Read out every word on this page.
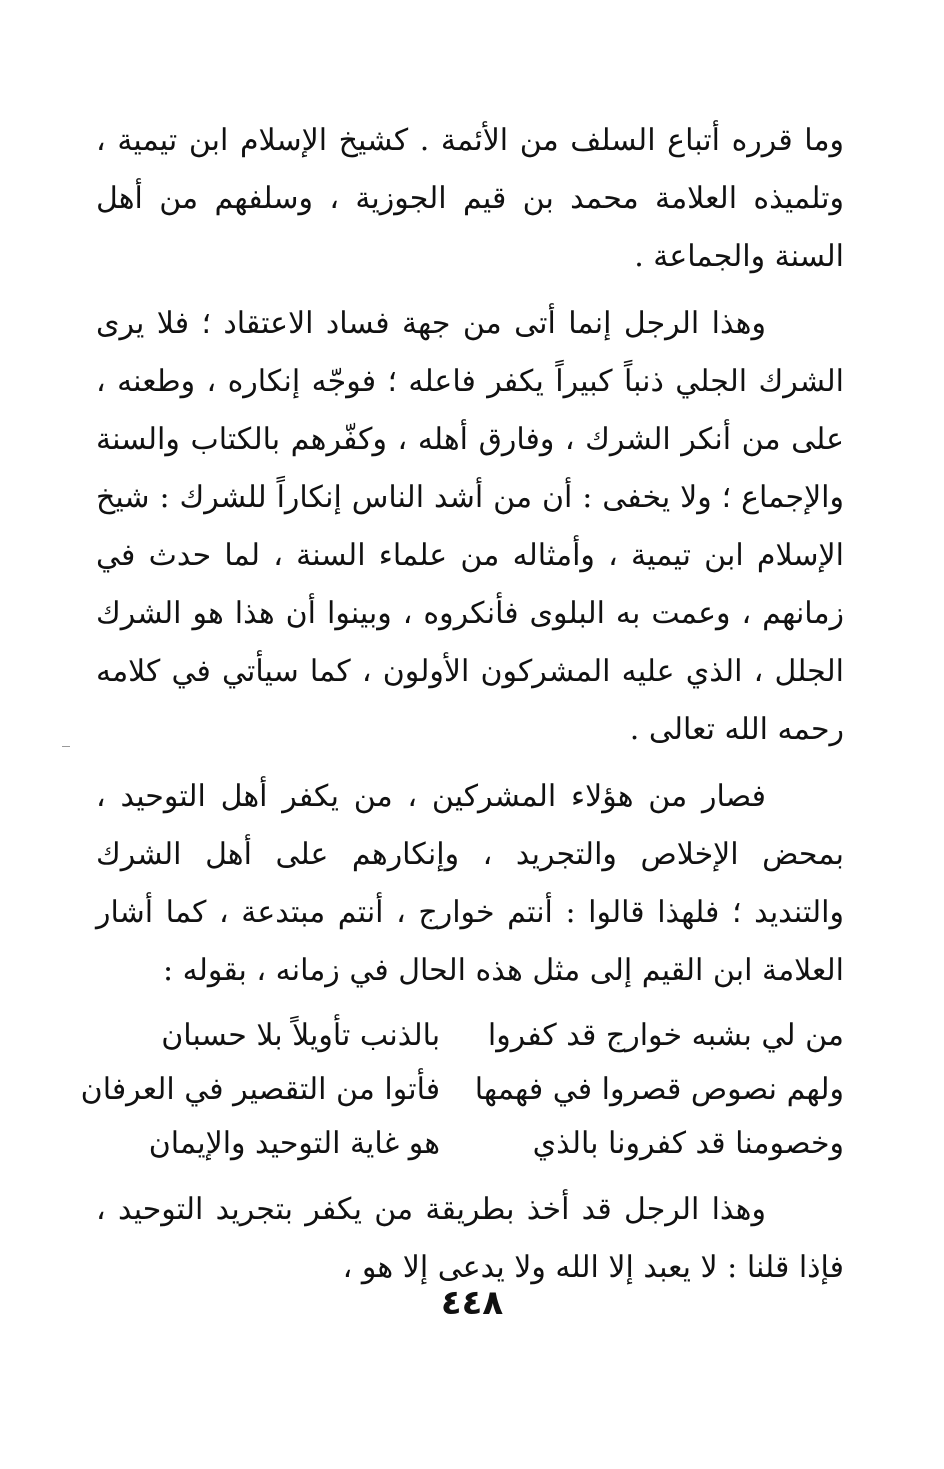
وما قرره أتباع السلف من الأئمة . كشيخ الإسلام ابن تيمية ، وتلميذه العلامة محمد بن قيم الجوزية ، وسلفهم من أهل السنة والجماعة .

وهذا الرجل إنما أتى من جهة فساد الاعتقاد ؛ فلا يرى الشرك الجلي ذنباً كبيراً يكفر فاعله ؛ فوجّه إنكاره ، وطعنه ، على من أنكر الشرك ، وفارق أهله ، وكفّرهم بالكتاب والسنة والإجماع ؛ ولا يخفى : أن من أشد الناس إنكاراً للشرك : شيخ الإسلام ابن تيمية ، وأمثاله من علماء السنة ، لما حدث في زمانهم ، وعمت به البلوى فأنكروه ، وبينوا أن هذا هو الشرك الجلل ، الذي عليه المشركون الأولون ، كما سيأتي في كلامه رحمه الله تعالى .

فصار من هؤلاء المشركين ، من يكفر أهل التوحيد ، بمحض الإخلاص والتجريد ، وإنكارهم على أهل الشرك والتنديد ؛ فلهذا قالوا : أنتم خوارج ، أنتم مبتدعة ، كما أشار العلامة ابن القيم إلى مثل هذه الحال في زمانه ، بقوله :

من لي بشبه خوارج قد كفروا
بالذنب تأويلاً بلا حسبان
ولهم نصوص قصروا في فهمها
فأتوا من التقصير في العرفان
وخصومنا قد كفرونا بالذي
هو غاية التوحيد والإيمان

وهذا الرجل قد أخذ بطريقة من يكفر بتجريد التوحيد ، فإذا قلنا : لا يعبد إلا الله ولا يدعى إلا هو ،

٤٤٨
